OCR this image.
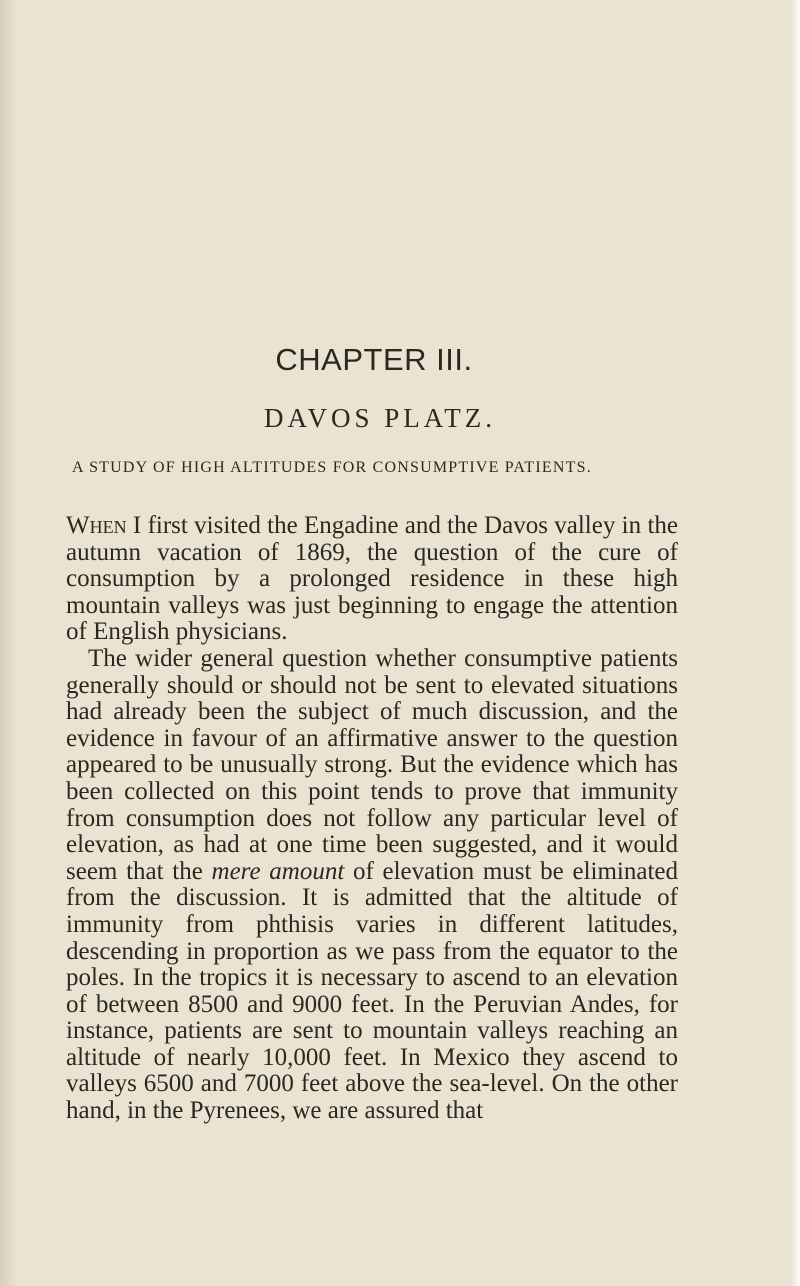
CHAPTER III.
DAVOS PLATZ.
A STUDY OF HIGH ALTITUDES FOR CONSUMPTIVE PATIENTS.

When I first visited the Engadine and the Davos valley in the autumn vacation of 1869, the question of the cure of consumption by a prolonged residence in these high mountain valleys was just beginning to engage the attention of English physicians.

The wider general question whether consumptive patients generally should or should not be sent to elevated situations had already been the subject of much discussion, and the evidence in favour of an affirmative answer to the question appeared to be unusually strong. But the evidence which has been collected on this point tends to prove that immunity from consumption does not follow any particular level of elevation, as had at one time been suggested, and it would seem that the mere amount of elevation must be eliminated from the discussion. It is admitted that the altitude of immunity from phthisis varies in different latitudes, descending in proportion as we pass from the equator to the poles. In the tropics it is necessary to ascend to an elevation of between 8500 and 9000 feet. In the Peruvian Andes, for instance, patients are sent to mountain valleys reaching an altitude of nearly 10,000 feet. In Mexico they ascend to valleys 6500 and 7000 feet above the sea-level. On the other hand, in the Pyrenees, we are assured that
